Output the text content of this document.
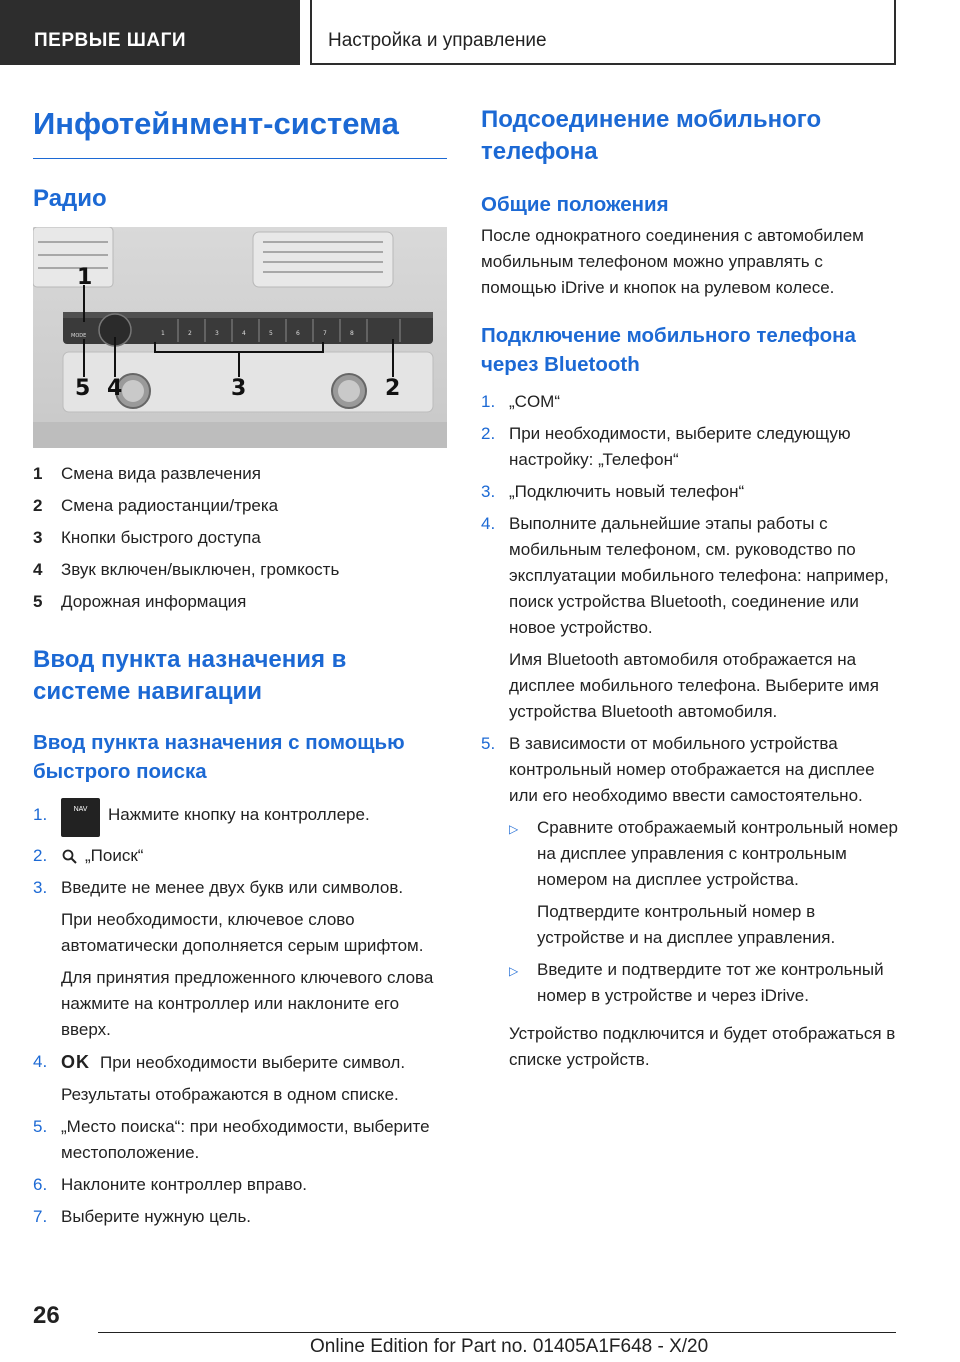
ПЕРВЫЕ ШАГИ	Настройка и управление
Инфотейнмент-система
Радио
MODE	1	2	3	4	5	6	7	8
1
5 4	3	2
1	Смена вида развлечения
2	Смена радиостанции/трека
3	Кнопки быстрого доступа
4	Звук включен/выключен, громкость
5	Дорожная информация
Ввод пункта назначения в системе навигации
Ввод пункта назначения с помощью быстрого поиска
1.	NAV Нажмите кнопку на контроллере.
2.	„Поиск“
3. Введите не менее двух букв или символов.

При необходимости, ключевое слово автоматически дополняется серым шрифтом.

Для принятия предложенного ключевого слова нажмите на контроллер или наклоните его вверх.

4. OK При необходимости выберите символ.

Результаты отображаются в одном списке.

5. „Место поиска“: при необходимости, выберите местоположение.
6. Наклоните контроллер вправо.
7. Выберите нужную цель.
Подсоединение мобильного телефона
Общие положения

После однократного соединения с автомобилем мобильным телефоном можно управлять с помощью iDrive и кнопок на рулевом колесе.

Подключение мобильного телефона через Bluetooth
1. „COM“
2. При необходимости, выберите следующую настройку: „Телефон“
3. „Подключить новый телефон“
4. Выполните дальнейшие этапы работы с мобильным телефоном, см. руководство по эксплуатации мобильного телефона: например, поиск устройства Bluetooth, соединение или новое устройство.

Имя Bluetooth автомобиля отображается на дисплее мобильного телефона. Выберите имя устройства Bluetooth автомобиля.

5. В зависимости от мобильного устройства контрольный номер отображается на дисплее или его необходимо ввести самостоятельно.

▷	Сравните отображаемый контрольный номер на дисплее управления с контрольным номером на дисплее устройства.

Подтвердите контрольный номер в устройстве и на дисплее управления.

▷	Введите и подтвердите тот же контрольный номер в устройстве и через iDrive.

Устройство подключится и будет отображаться в списке устройств.

26
Online Edition for Part no. 01405A1F648 - X/20
